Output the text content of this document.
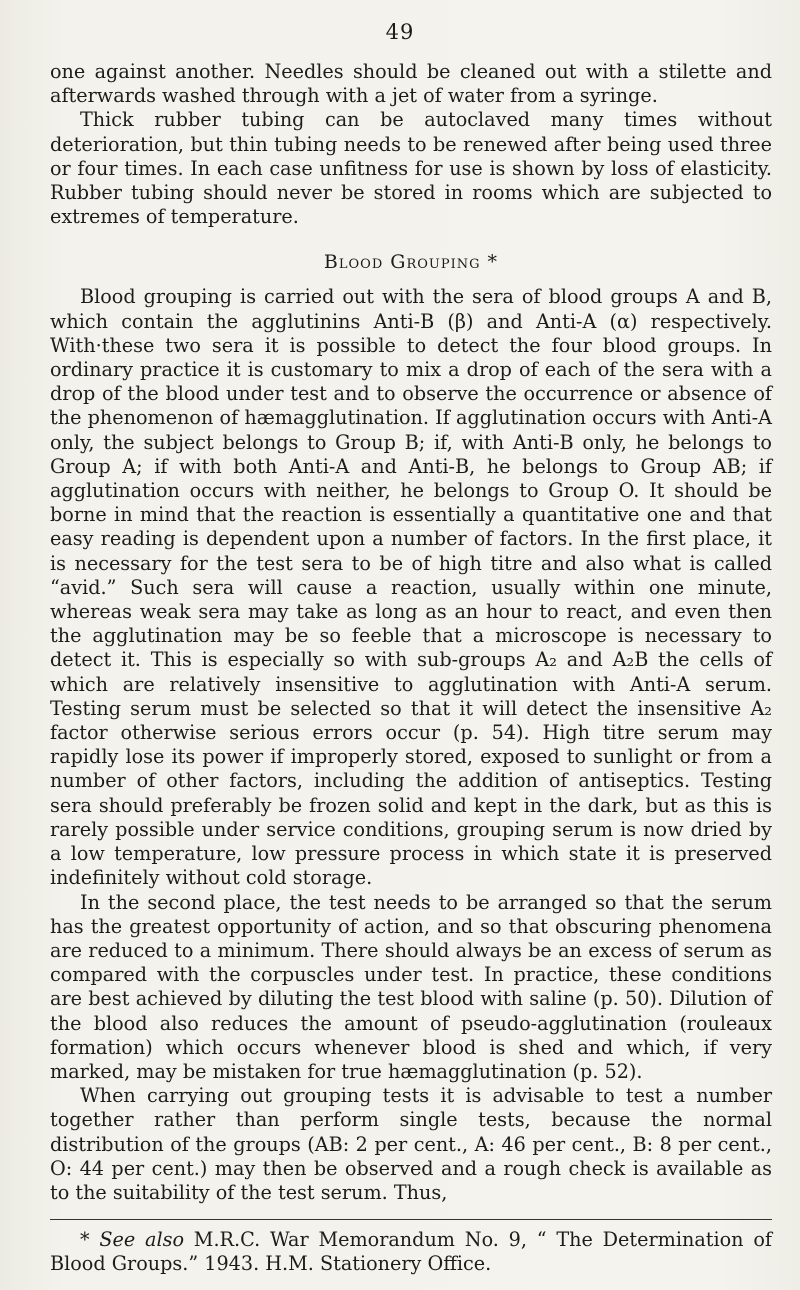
49

one against another. Needles should be cleaned out with a stilette and afterwards washed through with a jet of water from a syringe.

Thick rubber tubing can be autoclaved many times without deterioration, but thin tubing needs to be renewed after being used three or four times. In each case unfitness for use is shown by loss of elasticity. Rubber tubing should never be stored in rooms which are subjected to extremes of temperature.

Blood Grouping *

Blood grouping is carried out with the sera of blood groups A and B, which contain the agglutinins Anti-B (β) and Anti-A (α) respectively. With·these two sera it is possible to detect the four blood groups. In ordinary practice it is customary to mix a drop of each of the sera with a drop of the blood under test and to observe the occurrence or absence of the phenomenon of hæmagglutination. If agglutination occurs with Anti-A only, the subject belongs to Group B; if, with Anti-B only, he belongs to Group A; if with both Anti-A and Anti-B, he belongs to Group AB; if agglutination occurs with neither, he belongs to Group O. It should be borne in mind that the reaction is essentially a quantitative one and that easy reading is dependent upon a number of factors. In the first place, it is necessary for the test sera to be of high titre and also what is called “avid.” Such sera will cause a reaction, usually within one minute, whereas weak sera may take as long as an hour to react, and even then the agglutination may be so feeble that a microscope is necessary to detect it. This is especially so with sub-groups A₂ and A₂B the cells of which are relatively insensitive to agglutination with Anti-A serum. Testing serum must be selected so that it will detect the insensitive A₂ factor otherwise serious errors occur (p. 54). High titre serum may rapidly lose its power if improperly stored, exposed to sunlight or from a number of other factors, including the addition of antiseptics. Testing sera should preferably be frozen solid and kept in the dark, but as this is rarely possible under service conditions, grouping serum is now dried by a low temperature, low pressure process in which state it is preserved indefinitely without cold storage.

In the second place, the test needs to be arranged so that the serum has the greatest opportunity of action, and so that obscuring phenomena are reduced to a minimum. There should always be an excess of serum as compared with the corpuscles under test. In practice, these conditions are best achieved by diluting the test blood with saline (p. 50). Dilution of the blood also reduces the amount of pseudo-agglutination (rouleaux formation) which occurs whenever blood is shed and which, if very marked, may be mistaken for true hæmagglutination (p. 52).

When carrying out grouping tests it is advisable to test a number together rather than perform single tests, because the normal distribution of the groups (AB: 2 per cent., A: 46 per cent., B: 8 per cent., O: 44 per cent.) may then be observed and a rough check is available as to the suitability of the test serum. Thus,

* See also M.R.C. War Memorandum No. 9, “ The Determination of Blood Groups.” 1943. H.M. Stationery Office.
